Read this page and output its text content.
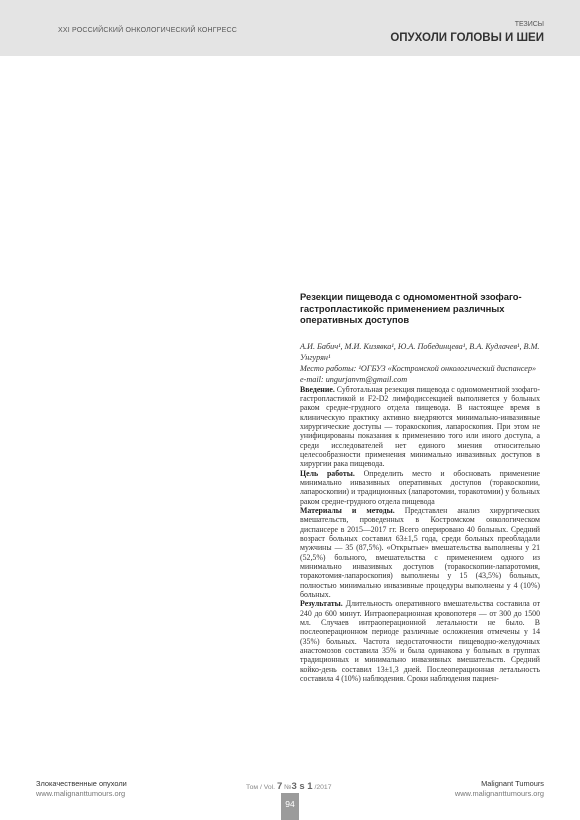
XXI РОССИЙСКИЙ ОНКОЛОГИЧЕСКИЙ КОНГРЕСС
ТЕЗИСЫ
ОПУХОЛИ ГОЛОВЫ И ШЕИ
Резекции пищевода с одномоментной эзофаго-гастропластикойс применением различных оперативных доступов
А.И. Бабич¹, М.И. Кизявка¹, Ю.А. Побединцева¹, В.А. Кудлачев¹, В.М. Унгурян¹
Место работы: ¹ОГБУЗ «Костромской онкологический диспансер»
e-mail: ungurjanvm@gmail.com
Введение. Субтотальная резекция пищевода с одномоментной эзофаго-гастропластикой и F2-D2 лимфодиссекцией выполняется у больных раком средне-грудного отдела пищевода. В настоящее время в клиническую практику активно внедряются минимально-инвазивные хирургические доступы — торакоскопия, лапароскопия. При этом не унифицированы показания к применению того или иного доступа, а среди исследователей нет единого мнения относительно целесообразности применения минимально инвазивных доступов в хирургии рака пищевода.
Цель работы. Определить место и обосновать применение минимально инвазивных оперативных доступов (торакоскопии, лапароскопии) и традиционных (лапаротомии, торакотомии) у больных раком средне-грудного отдела пищевода
Материалы и методы. Представлен анализ хирургических вмешательств, проведенных в Костромском онкологическом диспансере в 2015—2017 гг. Всего оперировано 40 больных. Средний возраст больных составил 63±1,5 года, среди больных преобладали мужчины — 35 (87,5%). «Открытые» вмешательства выполнены у 21 (52,5%) больного, вмешательства с применением одного из минимально инвазивных доступов (торакоскопии-лапаротомия, торакотомия-лапароскопия) выполнены у 15 (43,5%) больных, полностью минимально инвазивные процедуры выполнены у 4 (10%) больных.
Результаты. Длительность оперативного вмешательства составила от 240 до 600 минут. Интраоперационная кровопотеря — от 300 до 1500 мл. Случаев интраоперационной летальности не было. В послеоперационном периоде различные осложнения отмечены у 14 (35%) больных. Частота недостаточности пищеводно-желудочных анастомозов составила 35% и была одинакова у больных в группах традиционных и минимально инвазивных вмешательств. Средний койко-день составил 13±1,3 дней. Послеоперационная летальность составила 4 (10%) наблюдения. Сроки наблюдения пациен-
Злокачественные опухоли
www.malignanttumours.org
Том / Vol. 7 №3 s 1 /2017
94
Malignant Tumours
www.malignanttumours.org
